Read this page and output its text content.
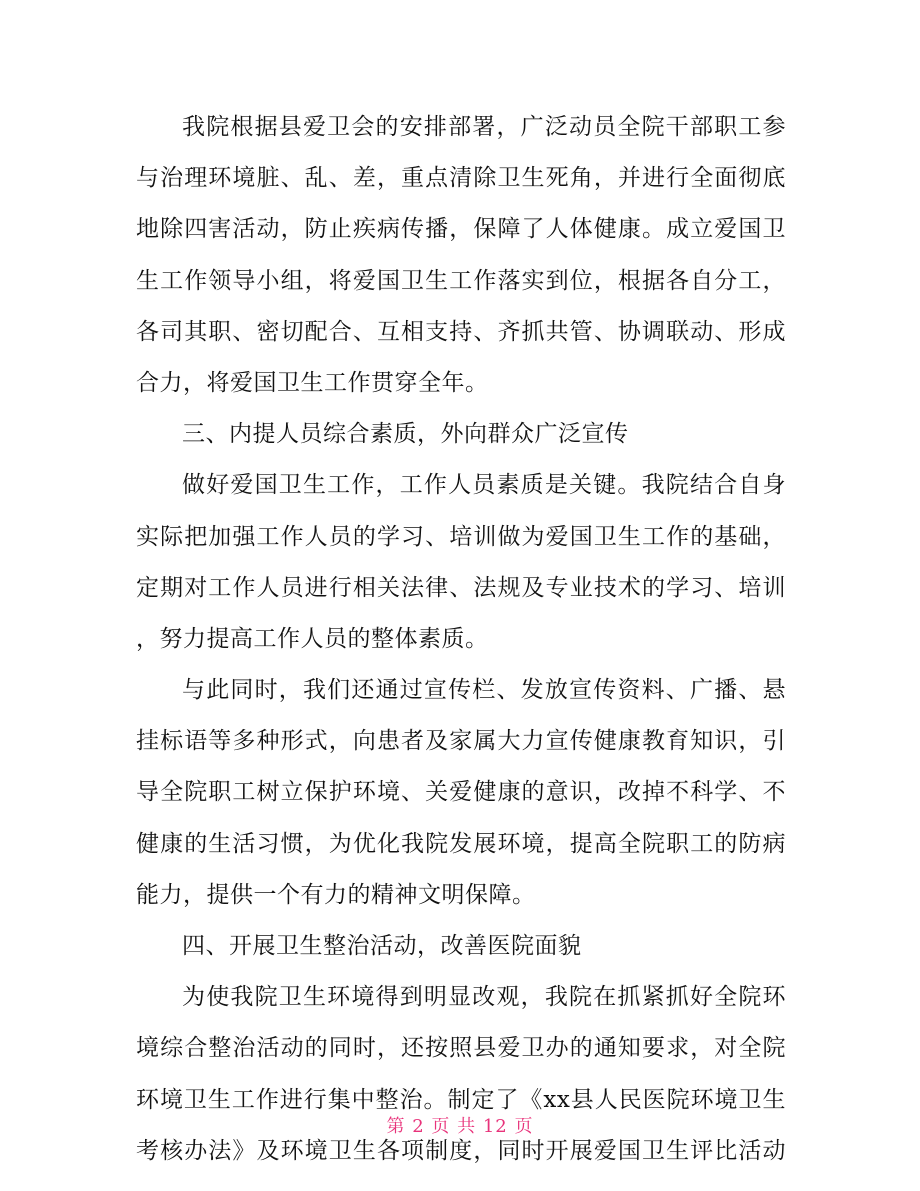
我院根据县爱卫会的安排部署，广泛动员全院干部职工参
与治理环境脏、乱、差，重点清除卫生死角，并进行全面彻底
地除四害活动，防止疾病传播，保障了人体健康。成立爱国卫
生工作领导小组，将爱国卫生工作落实到位，根据各自分工，
各司其职、密切配合、互相支持、齐抓共管、协调联动、形成
合力，将爱国卫生工作贯穿全年。
三、内提人员综合素质，外向群众广泛宣传
做好爱国卫生工作，工作人员素质是关键。我院结合自身
实际把加强工作人员的学习、培训做为爱国卫生工作的基础，
定期对工作人员进行相关法律、法规及专业技术的学习、培训
，努力提高工作人员的整体素质。
与此同时，我们还通过宣传栏、发放宣传资料、广播、悬
挂标语等多种形式，向患者及家属大力宣传健康教育知识，引
导全院职工树立保护环境、关爱健康的意识，改掉不科学、不
健康的生活习惯，为优化我院发展环境，提高全院职工的防病
能力，提供一个有力的精神文明保障。
四、开展卫生整治活动，改善医院面貌
为使我院卫生环境得到明显改观，我院在抓紧抓好全院环
境综合整治活动的同时，还按照县爱卫办的通知要求，对全院
环境卫生工作进行集中整治。制定了《xx县人民医院环境卫生
考核办法》及环境卫生各项制度，同时开展爱国卫生评比活动
第 2 页 共 12 页
